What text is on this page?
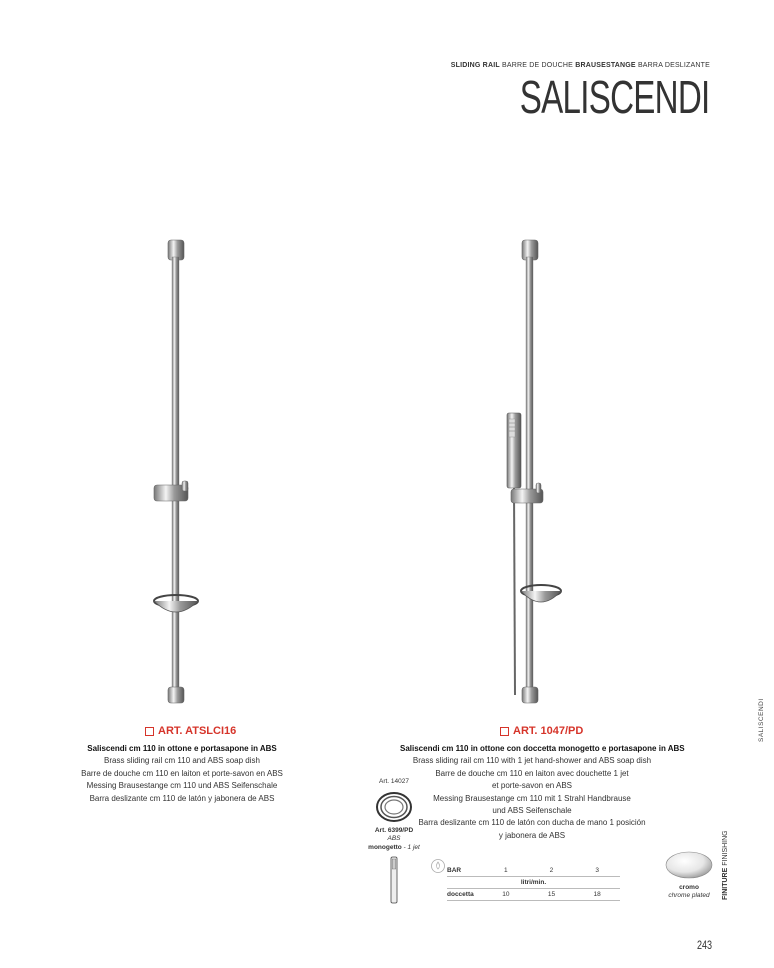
SLIDING RAIL BARRE DE DOUCHE BRAUSESTANGE BARRA DESLIZANTE
SALISCENDI
ART. ATSLCI16
Saliscendi cm 110 in ottone e portasapone in ABS
Brass sliding rail cm 110 and ABS soap dish
Barre de douche cm 110 en laiton et porte-savon en ABS
Messing Brausestange cm 110 und ABS Seifenschale
Barra deslizante cm 110 de latón y jabonera de ABS
ART. 1047/PD
Saliscendi cm 110 in ottone con doccetta monogetto e portasapone in ABS
Brass sliding rail cm 110 with 1 jet hand-shower and ABS soap dish
Barre de douche cm 110 en laiton avec douchette 1 jet
et porte-savon en ABS
Messing Brausestange cm 110 mit 1 Strahl Handbrause
und ABS Seifenschale
Barra deslizante cm 110 de latón con ducha de mano 1 posición
y jabonera de ABS
Art. 14027
Art. 6399/PD
ABS
monogetto - 1 jet
BAR	1	2	3
litri/min.			
doccetta	10	15	18
cromo
chrome plated	FINITURE FINISHING
SALISCENDI
243
